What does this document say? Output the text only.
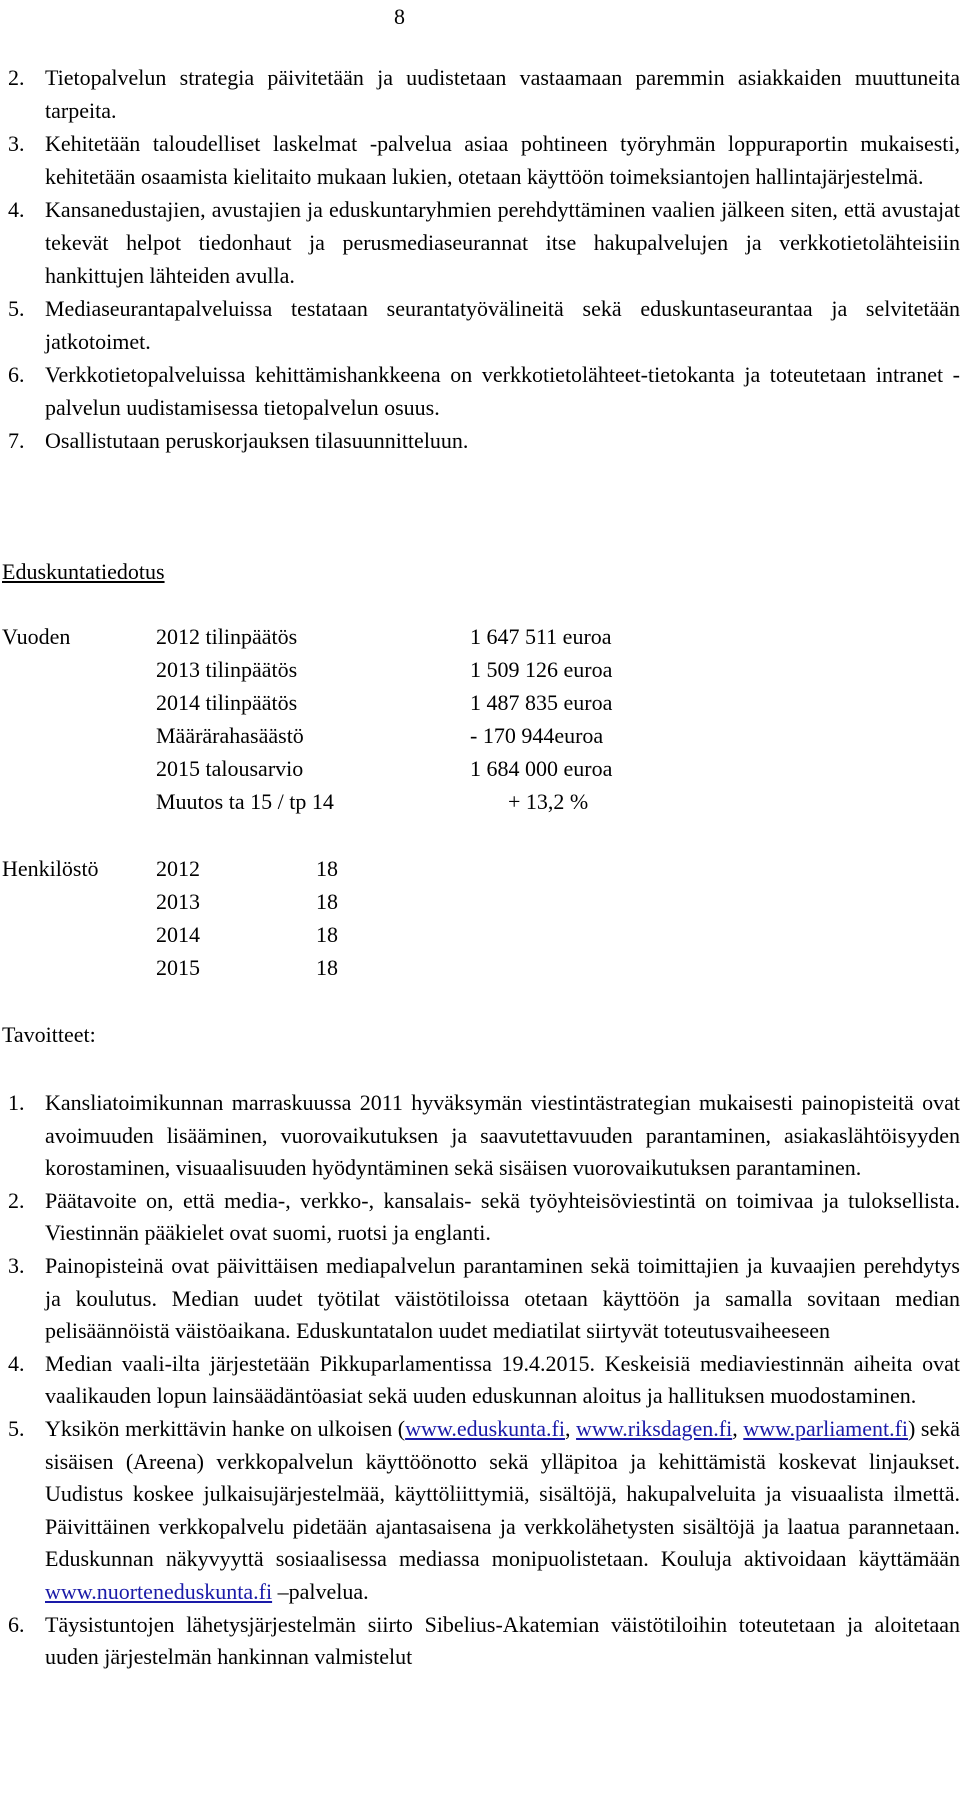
8
2. Tietopalvelun strategia päivitetään ja uudistetaan vastaamaan paremmin asiakkaiden muuttuneita tarpeita.
3. Kehitetään taloudelliset laskelmat -palvelua asiaa pohtineen työryhmän loppuraportin mukaisesti, kehitetään osaamista kielitaito mukaan lukien, otetaan käyttöön toimeksiantojen hallintajärjestelmä.
4. Kansanedustajien, avustajien ja eduskuntaryhmien perehdyttäminen vaalien jälkeen siten, että avustajat tekevät helpot tiedonhaut ja perusmediaseurannat itse hakupalvelujen ja verkkotietolähteisiin hankittujen lähteiden avulla.
5. Mediaseurantapalveluissa testataan seurantatyövälineitä sekä eduskuntaseurantaa ja selvitetään jatkotoimet.
6. Verkkotietopalveluissa kehittämishankkeena on verkkotietolähteet-tietokanta ja toteutetaan intranet -palvelun uudistamisessa tietopalvelun osuus.
7. Osallistutaan peruskorjauksen tilasuunnitteluun.
Eduskuntatiedotus
Vuoden	2012 tilinpäätös	1 647 511 euroa
2013 tilinpäätös	1 509 126 euroa
2014 tilinpäätös	1 487 835 euroa
Määrärahasäästö	- 170 944euroa
2015 talousarvio	1 684 000 euroa
Muutos ta 15 / tp 14	+ 13,2 %
Henkilöstö	2012	18
2013	18
2014	18
2015	18
Tavoitteet:
1. Kansliatoimikunnan marraskuussa 2011 hyväksymän viestintästrategian mukaisesti painopisteitä ovat avoimuuden lisääminen, vuorovaikutuksen ja saavutettavuuden parantaminen, asiakaslähtöisyyden korostaminen, visuaalisuuden hyödyntäminen sekä sisäisen vuorovaikutuksen parantaminen.
2. Päätavoite on, että media-, verkko-, kansalais- sekä työyhteisöviestintä on toimivaa ja tuloksellista. Viestinnän pääkielet ovat suomi, ruotsi ja englanti.
3. Painopisteinä ovat päivittäisen mediapalvelun parantaminen sekä toimittajien ja kuvaajien perehdytys ja koulutus. Median uudet työtilat väistötiloissa otetaan käyttöön ja samalla sovitaan median pelisäännöistä väistöaikana. Eduskuntatalon uudet mediatilat siirtyvät toteutusvaiheeseen
4. Median vaali-ilta järjestetään Pikkuparlamentissa 19.4.2015. Keskeisiä mediaviestinnän aiheita ovat vaalikauden lopun lainsäädäntöasiat sekä uuden eduskunnan aloitus ja hallituksen muodostaminen.
5. Yksikön merkittävin hanke on ulkoisen (www.eduskunta.fi, www.riksdagen.fi, www.parliament.fi) sekä sisäisen (Areena) verkkopalvelun käyttöönotto sekä ylläpitoa ja kehittämistä koskevat linjaukset. Uudistus koskee julkaisujärjestelmää, käyttöliittymiä, sisältöjä, hakupalveluita ja visuaalista ilmettä. Päivittäinen verkkopalvelu pidetään ajantasaisena ja verkkolähetysten sisältöjä ja laatua parannetaan. Eduskunnan näkyvyyttä sosiaalisessa mediassa monipuolistetaan. Kouluja aktivoidaan käyttämään www.nuorteneduskunta.fi –palvelua.
6. Täysistuntojen lähetysjärjestelmän siirto Sibelius-Akatemian väistötiloihin toteutetaan ja aloitetaan uuden järjestelmän hankinnan valmistelut
